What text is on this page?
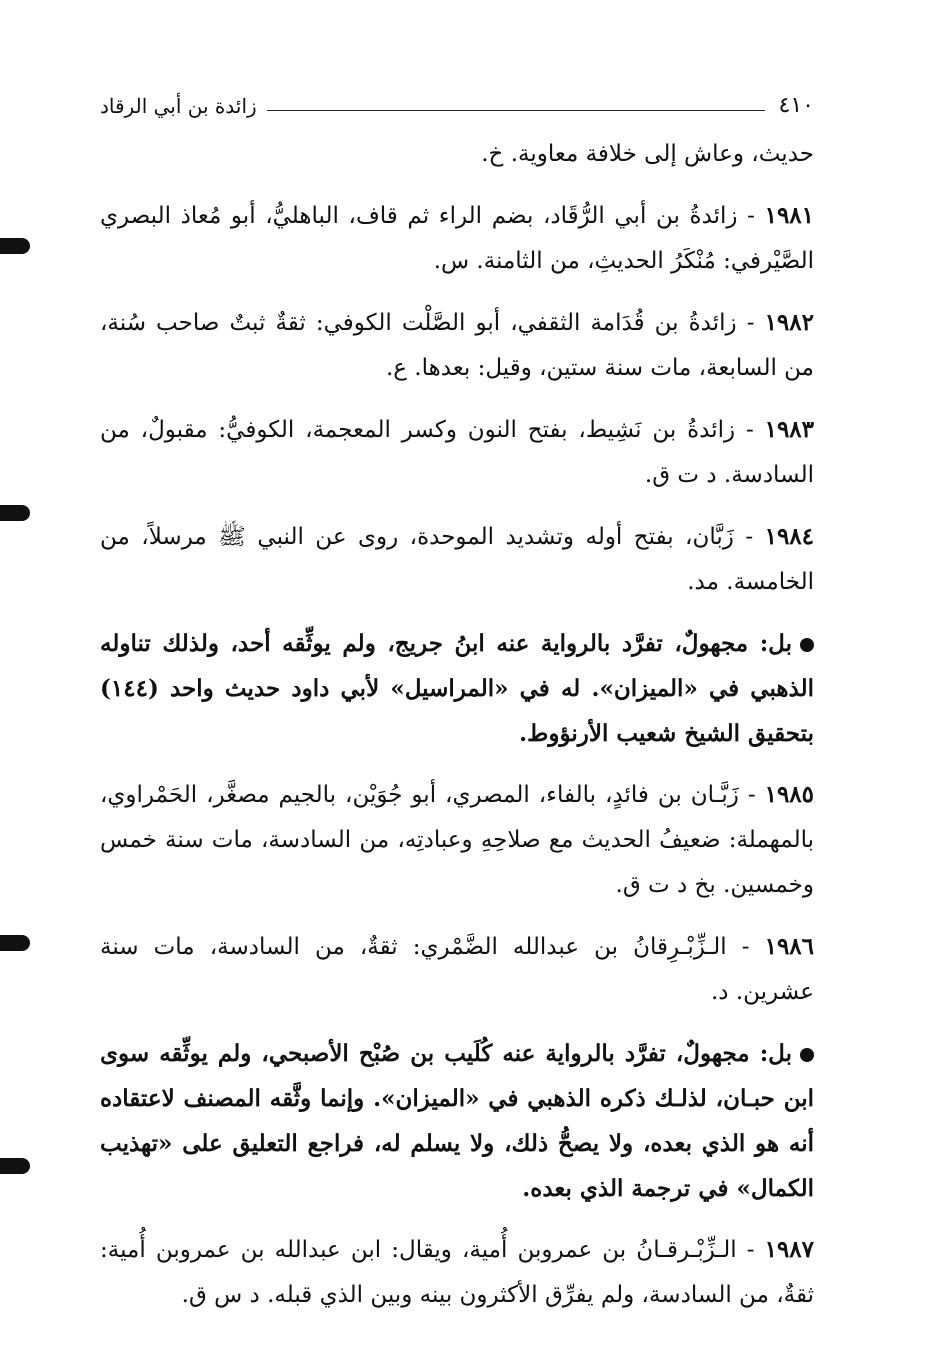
٤١٠
زائدة بن أبي الرقاد

حديث، وعاش إلى خلافة معاوية. خ.

١٩٨١ - زائدةُ بن أبي الرُّقَاد، بضم الراء ثم قاف، الباهليُّ، أبو مُعاذ البصري الصَّيْرفي: مُنْكَرُ الحديثِ، من الثامنة. س.

١٩٨٢ - زائدةُ بن قُدَامة الثقفي، أبو الصَّلْت الكوفي: ثقةٌ ثبتٌ صاحب سُنة، من السابعة، مات سنة ستين، وقيل: بعدها. ع.

١٩٨٣ - زائدةُ بن نَشِيط، بفتح النون وكسر المعجمة، الكوفيُّ: مقبولٌ، من السادسة. د ت ق.

١٩٨٤ - زَبَّان، بفتح أوله وتشديد الموحدة، روى عن النبي ﷺ مرسلاً، من الخامسة. مد.

بل: مجهولٌ، تفرَّد بالرواية عنه ابنُ جريج، ولم يوثِّقه أحد، ولذلك تناوله الذهبي في «الميزان». له في «المراسيل» لأبي داود حديث واحد (١٤٤) بتحقيق الشيخ شعيب الأرنؤوط.

١٩٨٥ - زَبَّـان بن فائدٍ، بالفاء، المصري، أبو جُوَيْن، بالجيم مصغَّر، الحَمْراوي، بالمهملة: ضعيفُ الحديث مع صلاحِهِ وعبادتِه، من السادسة، مات سنة خمس وخمسين. بخ د ت ق.

١٩٨٦ - الـزِّبْـرِقانُ بن عبدالله الضَّمْري: ثقةٌ، من السادسة، مات سنة عشرين. د.

بل: مجهولٌ، تفرَّد بالرواية عنه كُلَيب بن صُبْح الأصبحي، ولم يوثِّقه سوى ابن حبـان، لذلـك ذكره الذهبي في «الميزان». وإنما وثَّقه المصنف لاعتقاده أنه هو الذي بعده، ولا يصحُّ ذلك، ولا يسلم له، فراجع التعليق على «تهذيب الكمال» في ترجمة الذي بعده.

١٩٨٧ - الـزِّبْـرقـانُ بن عمروبن أُمية، ويقال: ابن عبدالله بن عمروبن أُمية: ثقةٌ، من السادسة، ولم يفرِّق الأكثرون بينه وبين الذي قبله. د س ق.
